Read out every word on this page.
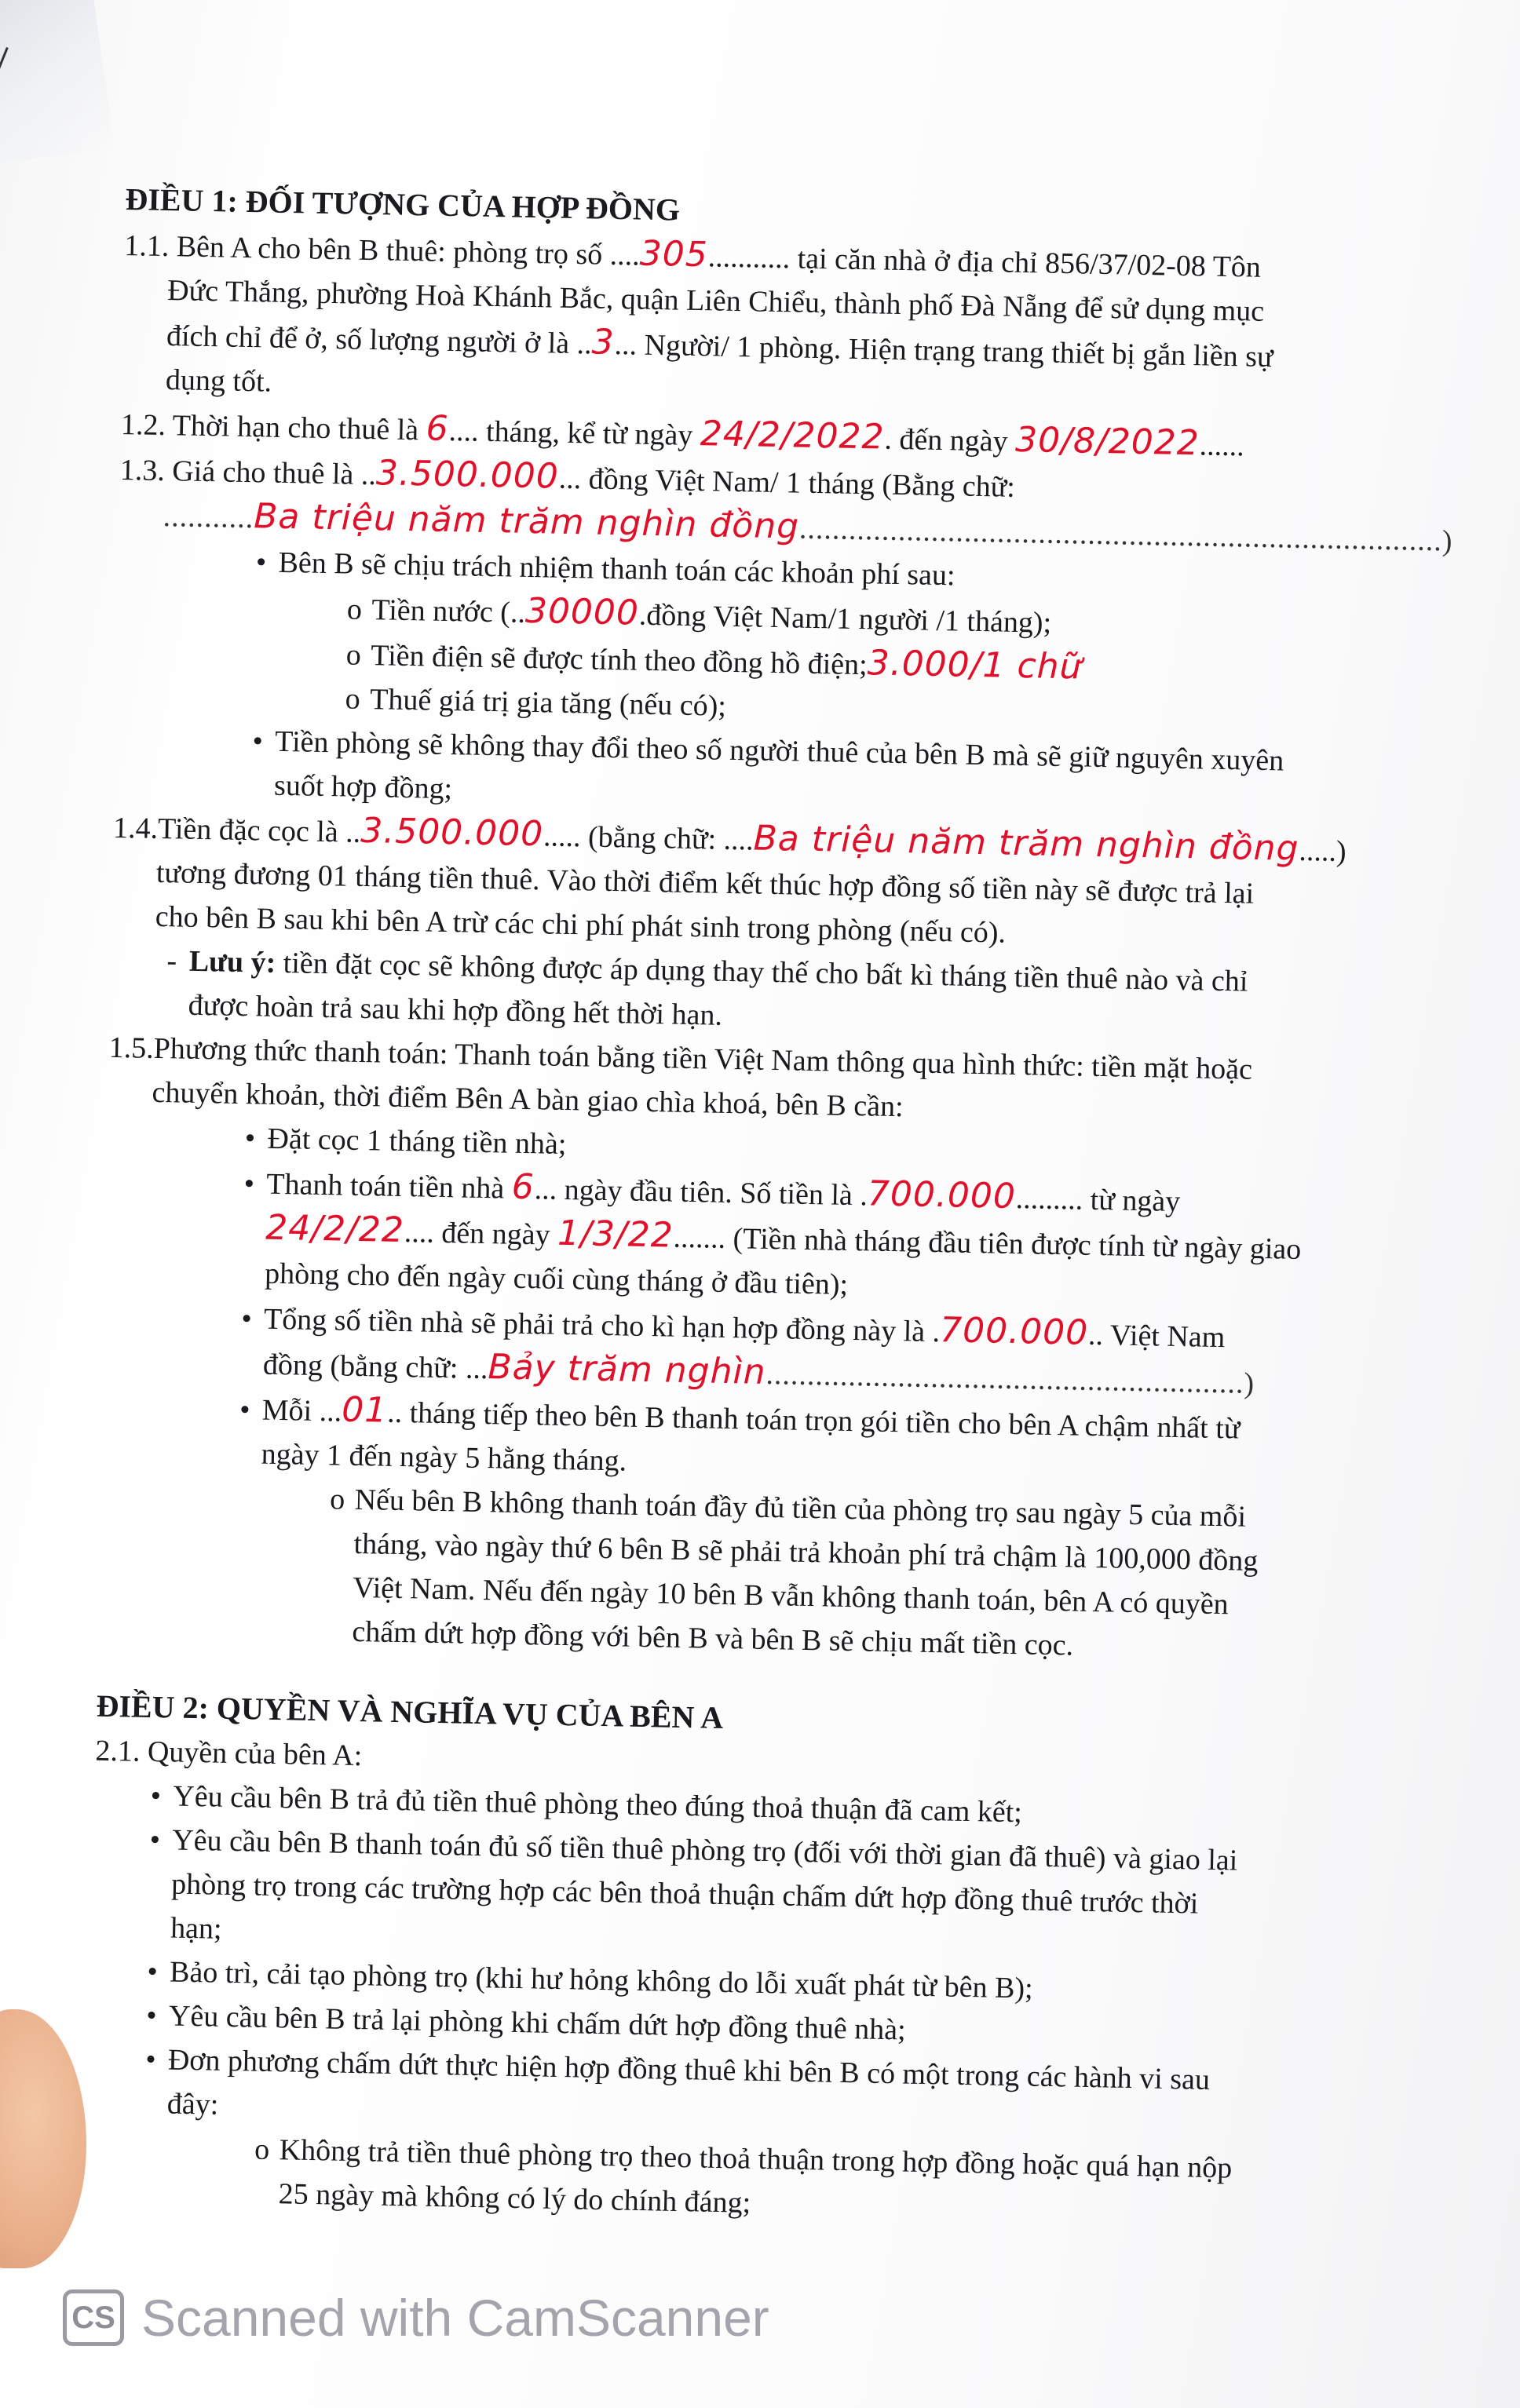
ĐIỀU 1: ĐỐI TƯỢNG CỦA HỢP ĐỒNG
1.1. Bên A cho bên B thuê: phòng trọ số ....305........... tại căn nhà ở địa chỉ 856/37/02-08 Tôn
Đức Thắng, phường Hoà Khánh Bắc, quận Liên Chiểu, thành phố Đà Nẵng để sử dụng mục
đích chỉ để ở, số lượng người ở là ..3... Người/ 1 phòng. Hiện trạng trang thiết bị gắn liền sự
dụng tốt.
1.2. Thời hạn cho thuê là 6.... tháng, kể từ ngày 24/2/2022. đến ngày 30/8/2022......
1.3. Giá cho thuê là ..3.500.000... đồng Việt Nam/ 1 tháng (Bằng chữ:
...........Ba triệu năm trăm nghìn đồng..............................................................................)
• Bên B sẽ chịu trách nhiệm thanh toán các khoản phí sau:
o Tiền nước (..30000.đồng Việt Nam/1 người /1 tháng);
o Tiền điện sẽ được tính theo đồng hồ điện;3.000/1 chữ
o Thuế giá trị gia tăng (nếu có);
• Tiền phòng sẽ không thay đổi theo số người thuê của bên B mà sẽ giữ nguyên xuyên
suốt hợp đồng;
1.4.Tiền đặc cọc là ..3.500.000..... (bằng chữ: ....Ba triệu năm trăm nghìn đồng.....)
tương đương 01 tháng tiền thuê. Vào thời điểm kết thúc hợp đồng số tiền này sẽ được trả lại
cho bên B sau khi bên A trừ các chi phí phát sinh trong phòng (nếu có).
- Lưu ý: tiền đặt cọc sẽ không được áp dụng thay thế cho bất kì tháng tiền thuê nào và chỉ
được hoàn trả sau khi hợp đồng hết thời hạn.
1.5.Phương thức thanh toán: Thanh toán bằng tiền Việt Nam thông qua hình thức: tiền mặt hoặc
chuyển khoản, thời điểm Bên A bàn giao chìa khoá, bên B cần:
• Đặt cọc 1 tháng tiền nhà;
• Thanh toán tiền nhà 6... ngày đầu tiên. Số tiền là .700.000......... từ ngày
24/2/22.... đến ngày 1/3/22....... (Tiền nhà tháng đầu tiên được tính từ ngày giao
phòng cho đến ngày cuối cùng tháng ở đầu tiên);
• Tổng số tiền nhà sẽ phải trả cho kì hạn hợp đồng này là .700.000.. Việt Nam
đồng (bằng chữ: ...Bảy trăm nghìn..........................................................)
• Mỗi ...01.. tháng tiếp theo bên B thanh toán trọn gói tiền cho bên A chậm nhất từ
ngày 1 đến ngày 5 hằng tháng.
o Nếu bên B không thanh toán đầy đủ tiền của phòng trọ sau ngày 5 của mỗi
tháng, vào ngày thứ 6 bên B sẽ phải trả khoản phí trả chậm là 100,000 đồng
Việt Nam. Nếu đến ngày 10 bên B vẫn không thanh toán, bên A có quyền
chấm dứt hợp đồng với bên B và bên B sẽ chịu mất tiền cọc.
ĐIỀU 2: QUYỀN VÀ NGHĨA VỤ CỦA BÊN A
2.1. Quyền của bên A:
• Yêu cầu bên B trả đủ tiền thuê phòng theo đúng thoả thuận đã cam kết;
• Yêu cầu bên B thanh toán đủ số tiền thuê phòng trọ (đối với thời gian đã thuê) và giao lại
phòng trọ trong các trường hợp các bên thoả thuận chấm dứt hợp đồng thuê trước thời
hạn;
• Bảo trì, cải tạo phòng trọ (khi hư hỏng không do lỗi xuất phát từ bên B);
• Yêu cầu bên B trả lại phòng khi chấm dứt hợp đồng thuê nhà;
• Đơn phương chấm dứt thực hiện hợp đồng thuê khi bên B có một trong các hành vi sau
đây:
o Không trả tiền thuê phòng trọ theo thoả thuận trong hợp đồng hoặc quá hạn nộp
25 ngày mà không có lý do chính đáng;
CS Scanned with CamScanner
